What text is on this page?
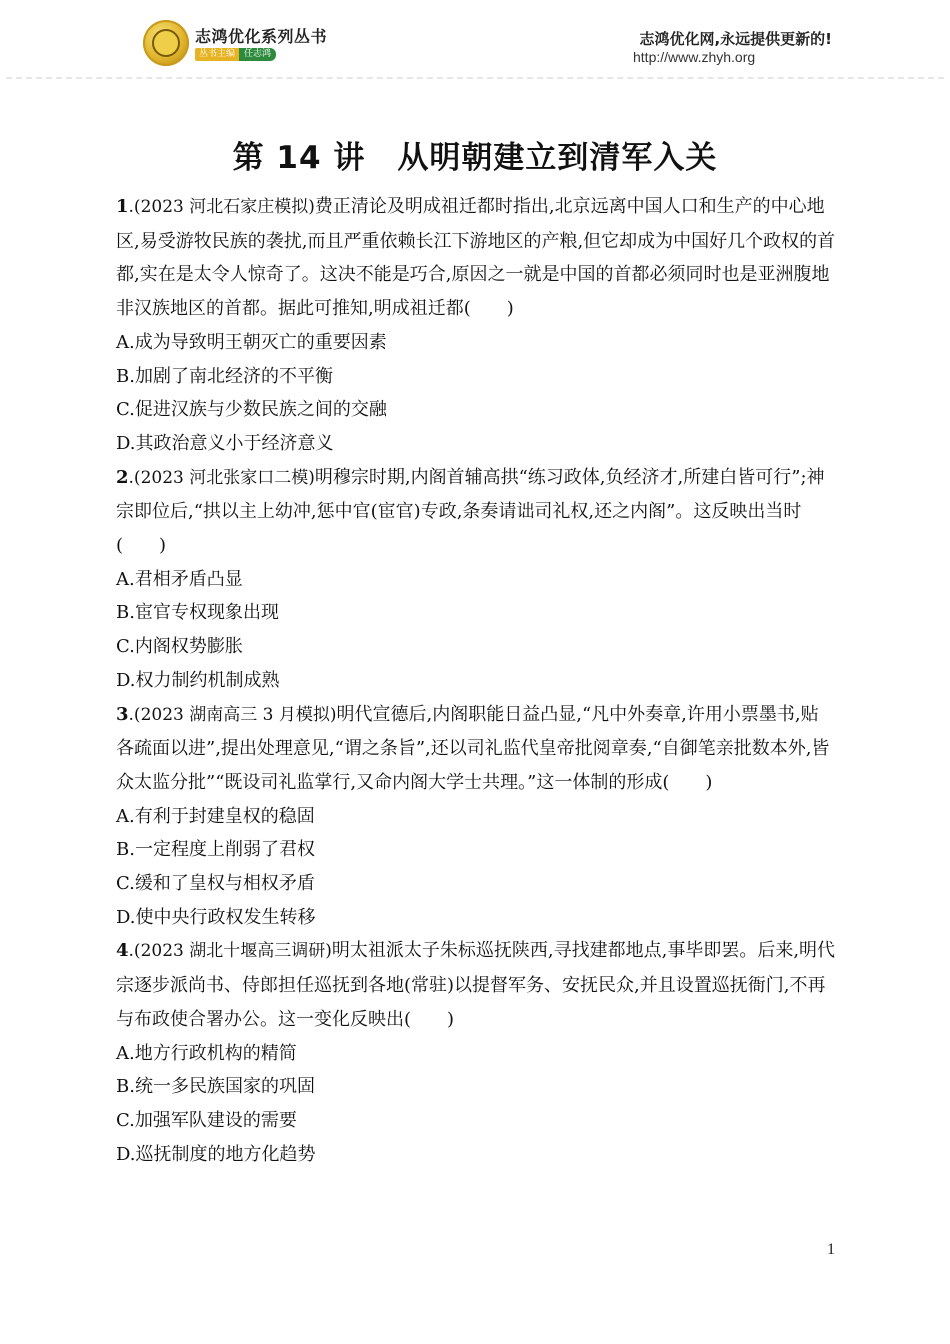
志鸿优化系列丛书
丛书主编 任志鸿
志鸿优化网,永远提供更新的!
http://www.zhyh.org
第 14 讲　从明朝建立到清军入关

1.(2023 河北石家庄模拟)费正清论及明成祖迁都时指出,北京远离中国人口和生产的中心地区,易受游牧民族的袭扰,而且严重依赖长江下游地区的产粮,但它却成为中国好几个政权的首都,实在是太令人惊奇了。这决不能是巧合,原因之一就是中国的首都必须同时也是亚洲腹地非汉族地区的首都。据此可推知,明成祖迁都(　　)

A.成为导致明王朝灭亡的重要因素

B.加剧了南北经济的不平衡

C.促进汉族与少数民族之间的交融

D.其政治意义小于经济意义

2.(2023 河北张家口二模)明穆宗时期,内阁首辅高拱“练习政体,负经济才,所建白皆可行”;神宗即位后,“拱以主上幼冲,惩中官(宦官)专政,条奏请诎司礼权,还之内阁”。这反映出当时(　　)

A.君相矛盾凸显

B.宦官专权现象出现

C.内阁权势膨胀

D.权力制约机制成熟

3.(2023 湖南高三 3 月模拟)明代宣德后,内阁职能日益凸显,“凡中外奏章,许用小票墨书,贴各疏面以进”,提出处理意见,“谓之条旨”,还以司礼监代皇帝批阅章奏,“自御笔亲批数本外,皆众太监分批”“既设司礼监掌行,又命内阁大学士共理。”这一体制的形成(　　)

A.有利于封建皇权的稳固

B.一定程度上削弱了君权

C.缓和了皇权与相权矛盾

D.使中央行政权发生转移

4.(2023 湖北十堰高三调研)明太祖派太子朱标巡抚陕西,寻找建都地点,事毕即罢。后来,明代宗逐步派尚书、侍郎担任巡抚到各地(常驻)以提督军务、安抚民众,并且设置巡抚衙门,不再与布政使合署办公。这一变化反映出(　　)

A.地方行政机构的精简

B.统一多民族国家的巩固

C.加强军队建设的需要

D.巡抚制度的地方化趋势

1
